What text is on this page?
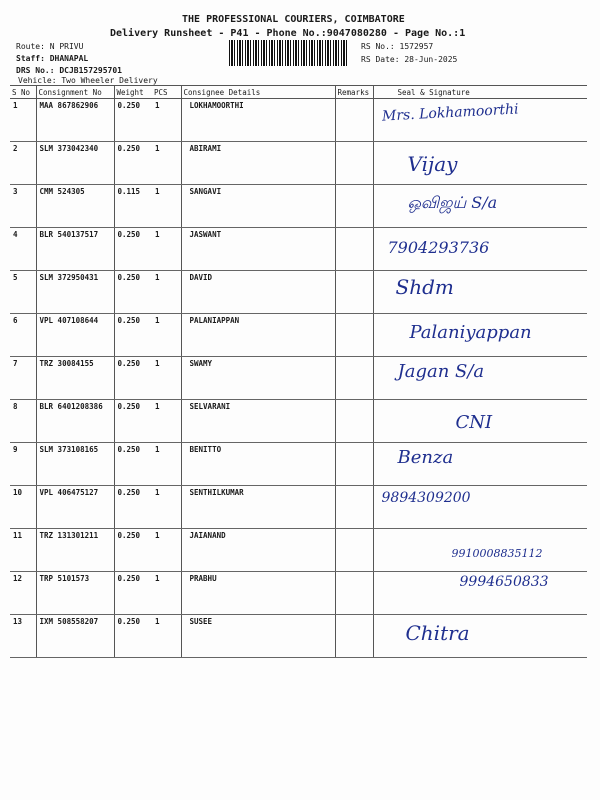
THE PROFESSIONAL COURIERS, COIMBATORE
Delivery Runsheet - P41 - Phone No.:9047080280 - Page No.:1
Route: N PRIVU
Staff: DHANAPAL
DRS No.: DCJB157295701
Vehicle: Two Wheeler Delivery
RS No.: 1572957
RS Date: 28-Jun-2025
S No	Consignment No	Weight	PCS	Consignee Details	Remarks	Seal & Signature
1	MAA 867862906	0.250	1	LOKHAMOORTHI		Mrs. Lokhamoorthi

2	SLM 373042340	0.250	1	ABIRAMI		Vijay

3	CMM 524305	0.115	1	SANGAVI		ஒவிஜய் S/a

4	BLR 540137517	0.250	1	JASWANT		7904293736

5	SLM 372950431	0.250	1	DAVID		Shdm

6	VPL 407108644	0.250	1	PALANIAPPAN		Palaniyappan

7	TRZ 30084155	0.250	1	SWAMY		Jagan S/a

8	BLR 6401208386	0.250	1	SELVARANI		CNI

9	SLM 373108165	0.250	1	BENITTO		Benza

10	VPL 406475127	0.250	1	SENTHILKUMAR		9894309200

11	TRZ 131301211	0.250	1	JAIANAND		9910008835112

12	TRP 5101573	0.250	1	PRABHU		9994650833

13	IXM 508558207	0.250	1	SUSEE		Chitra
